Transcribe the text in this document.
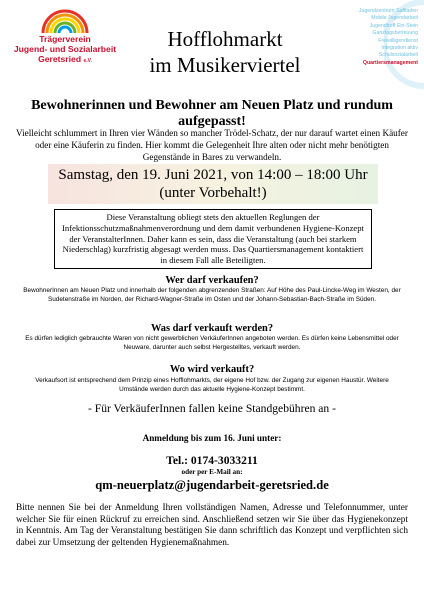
Trägerverein
Jugend- und Sozialarbeit
Geretsried e.V.
Hofflohmarkt
im Musikerviertel
Jugendzentrum Saftladen
Mobile Jugendarbeit
Jugendtreff Ein-Stein
Ganztagsbetreuung
Freiwilligendienst
Integration aktiv
Schulsozialarbeit
Quartiersmanagement
Bewohnerinnen und Bewohner am Neuen Platz und rundum aufgepasst!
Vielleicht schlummert in Ihren vier Wänden so mancher Trödel-Schatz, der nur darauf wartet einen Käufer oder eine Käuferin zu finden. Hier kommt die Gelegenheit Ihre alten oder nicht mehr benötigten Gegenstände in Bares zu verwandeln.
Samstag, den 19. Juni 2021, von 14:00 – 18:00 Uhr
(unter Vorbehalt!)
Diese Veranstaltung obliegt stets den aktuellen Reglungen der Infektionsschutzmaßnahmenverordnung und dem damit verbundenen Hygiene-Konzept der VeranstalterInnen. Daher kann es sein, dass die Veranstaltung (auch bei starkem Niederschlag) kurzfristig abgesagt werden muss. Das Quartiersmanagement kontaktiert in diesem Fall alle Beteiligten.
Wer darf verkaufen?
BewohnerInnen am Neuen Platz und innerhalb der folgenden abgrenzenden Straßen: Auf Höhe des Paul-Lincke-Weg im Westen, der Sudetenstraße im Norden, der Richard-Wagner-Straße im Osten und der Johann-Sebastian-Bach-Straße im Süden.
Was darf verkauft werden?
Es dürfen lediglich gebrauchte Waren von nicht gewerblichen VerkäuferInnen angeboten werden. Es dürfen keine Lebensmittel oder Neuware, darunter auch selbst Hergestelltes, verkauft werden.
Wo wird verkauft?
Verkaufsort ist entsprechend dem Prinzip eines Hofflohmarkts, der eigene Hof bzw. der Zugang zur eigenen Haustür. Weitere Umstände werden durch das aktuelle Hygiene-Konzept bestimmt.
- Für VerkäuferInnen fallen keine Standgebühren an -
Anmeldung bis zum 16. Juni unter:
Tel.: 0174-3033211
oder per E-Mail an:
qm-neuerplatz@jugendarbeit-geretsried.de
Bitte nennen Sie bei der Anmeldung Ihren vollständigen Namen, Adresse und Telefonnummer, unter welcher Sie für einen Rückruf zu erreichen sind. Anschließend setzen wir Sie über das Hygienekonzept in Kenntnis. Am Tag der Veranstaltung bestätigen Sie dann schriftlich das Konzept und verpflichten sich dabei zur Umsetzung der geltenden Hygienemaßnahmen.
